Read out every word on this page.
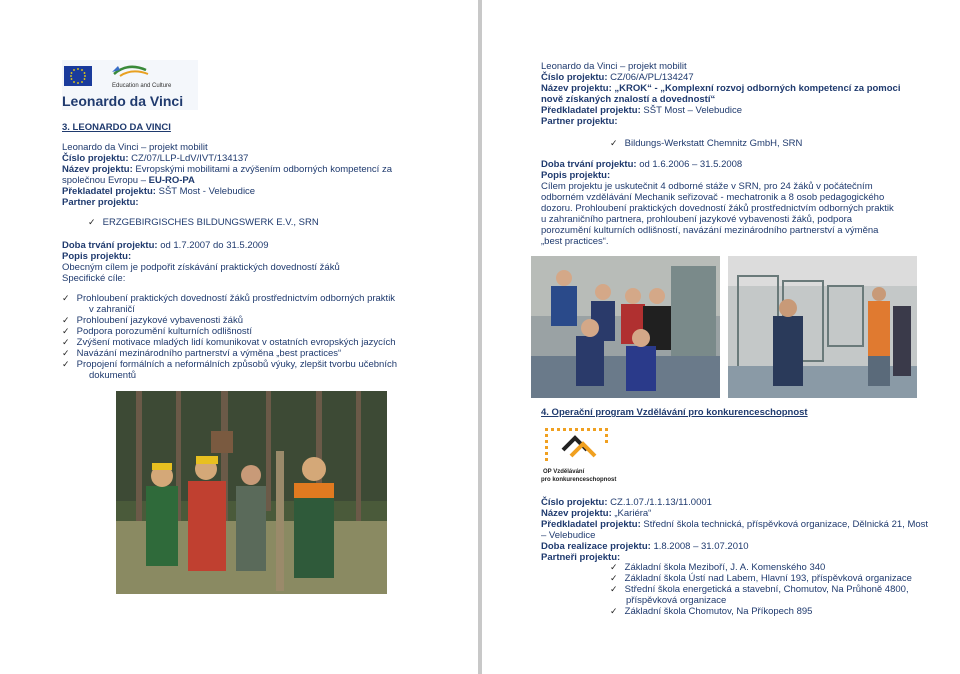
Education and Culture
Leonardo da Vinci
3. LEONARDO DA VINCI
Leonardo da Vinci – projekt mobilit
Číslo projektu: CZ/07/LLP-LdV/IVT/134137
Název projektu: Evropskými mobilitami a zvýšením odborných kompetencí za
společnou Evropu – EU-RO-PA
Překladatel projektu: SŠT Most - Velebudice
Partner projektu:
✓ ERZGEBIRGISCHES BILDUNGSWERK E.V., SRN
Doba trvání projektu: od 1.7.2007 do 31.5.2009
Popis projektu:
Obecným cílem je podpořit získávání praktických dovedností žáků
Specifické cíle:
✓ Prohloubení praktických dovedností žáků prostřednictvím odborných praktik
v zahraničí
✓ Prohloubení jazykové vybavenosti žáků
✓ Podpora porozumění kulturních odlišností
✓ Zvýšení motivace mladých lidí komunikovat v ostatních evropských jazycích
✓ Navázání mezinárodního partnerství a výměna „best practices“
✓ Propojení formálních a neformálních způsobů výuky, zlepšit tvorbu učebních
dokumentů
Leonardo da Vinci – projekt mobilit
Číslo projektu: CZ/06/A/PL/134247
Název projektu: „KROK“ - „Komplexní rozvoj odborných kompetencí za pomoci
nově získaných znalostí a dovedností“
Předkladatel projektu: SŠT Most – Velebudice
Partner projektu:
✓ Bildungs-Werkstatt Chemnitz GmbH, SRN
Doba trvání projektu: od 1.6.2006 – 31.5.2008
Popis projektu:
Cílem projektu je uskutečnit 4 odborné stáže v SRN, pro 24 žáků v počátečním
odborném vzdělávání Mechanik seřizovač - mechatronik a 8 osob pedagogického
dozoru. Prohloubení praktických dovedností žáků prostřednictvím odborných praktik
u zahraničního partnera, prohloubení jazykové vybavenosti žáků, podpora
porozumění kulturních odlišností, navázání mezinárodního partnerství a výměna
„best practices“.
4. Operační program Vzdělávání pro konkurenceschopnost
OP Vzdělávání
pro konkurenceschopnost
Číslo projektu: CZ.1.07./1.1.13/11.0001
Název projektu: „Kariéra“
Předkladatel projektu: Střední škola technická, příspěvková organizace, Dělnická 21, Most
– Velebudice
Doba realizace projektu: 1.8.2008 – 31.07.2010
Partneři projektu:
✓ Základní škola Meziboří, J. A. Komenského 340
✓ Základní škola Ústí nad Labem, Hlavní 193, příspěvková organizace
✓ Střední škola energetická a stavební, Chomutov, Na Průhoně 4800,
příspěvková organizace
✓ Základní škola Chomutov, Na Příkopech 895
